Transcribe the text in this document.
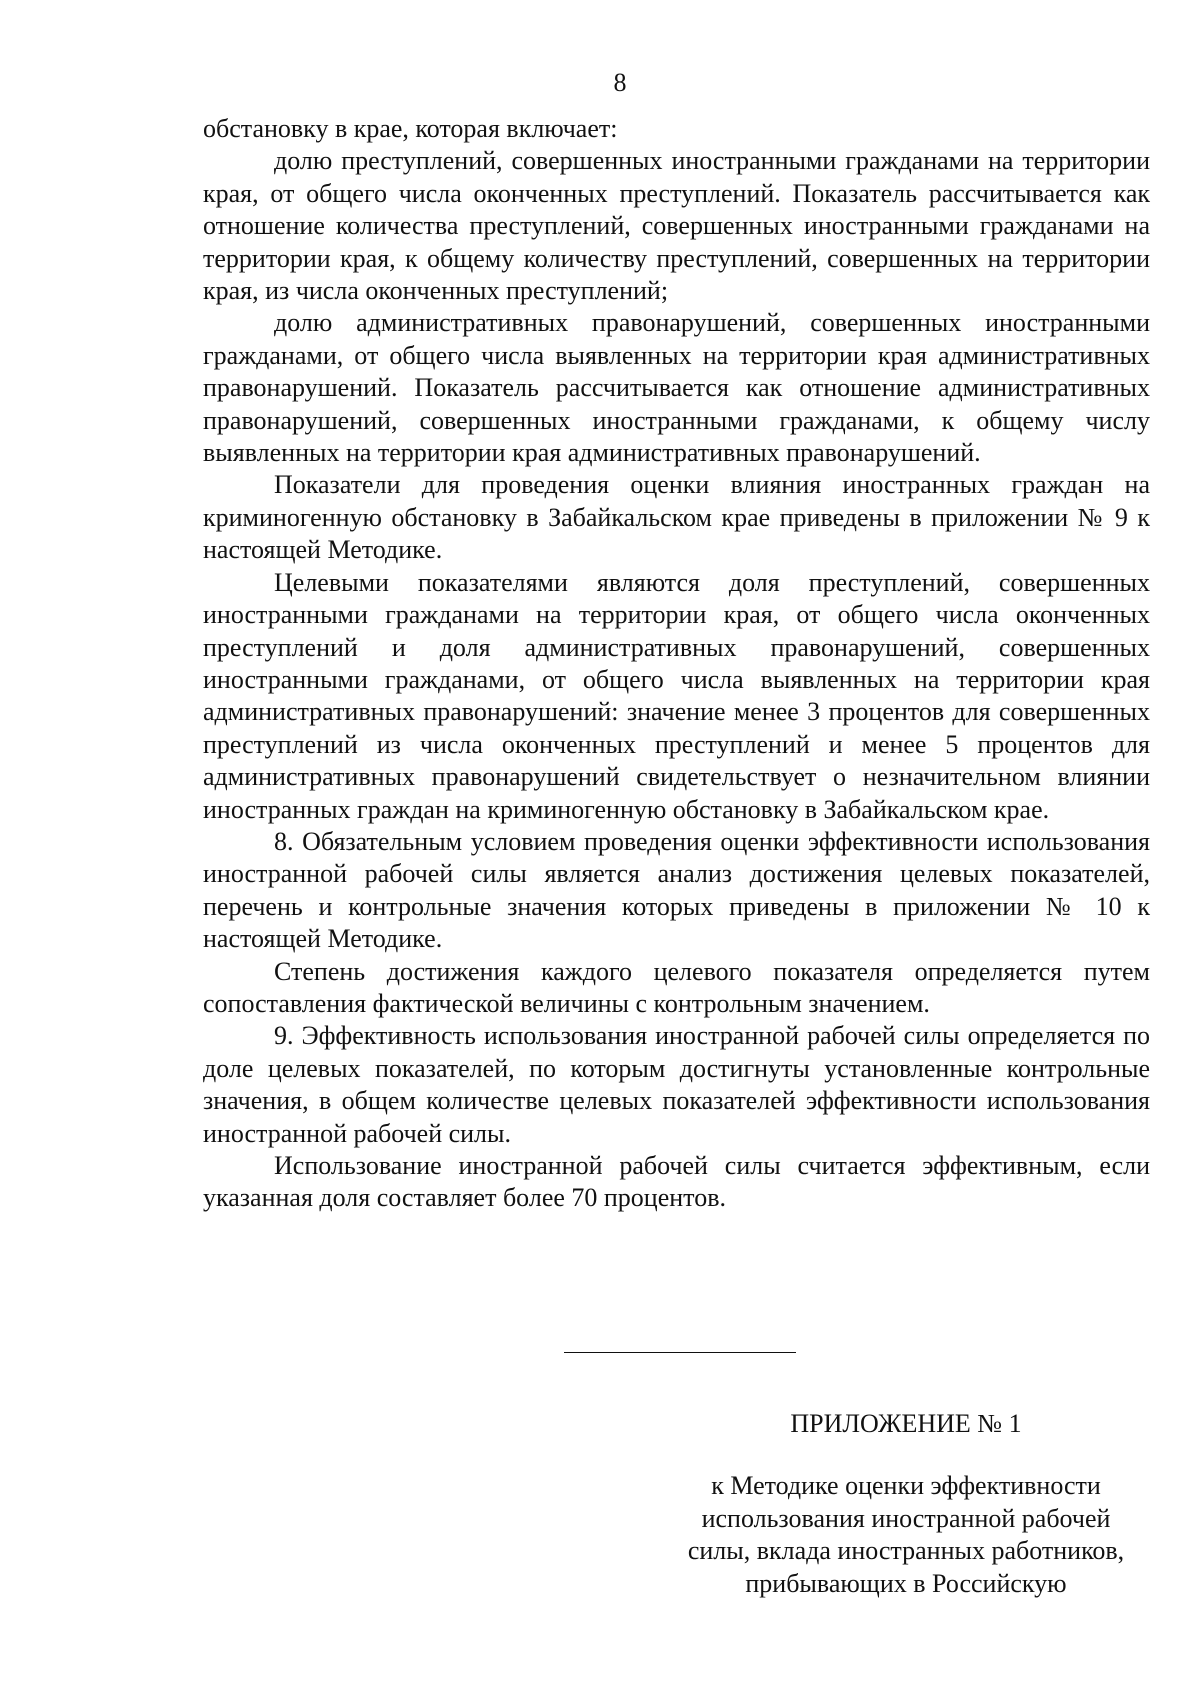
8

обстановку в крае, которая включает:

долю преступлений, совершенных иностранными гражданами на территории края, от общего числа оконченных преступлений. Показатель рассчитывается как отношение количества преступлений, совершенных иностранными гражданами на территории края, к общему количеству преступлений, совершенных на территории края, из числа оконченных преступлений;

долю административных правонарушений, совершенных иностранными гражданами, от общего числа выявленных на территории края административных правонарушений. Показатель рассчитывается как отношение административных правонарушений, совершенных иностранными гражданами, к общему числу выявленных на территории края административных правонарушений.

Показатели для проведения оценки влияния иностранных граждан на криминогенную обстановку в Забайкальском крае приведены в приложении № 9 к настоящей Методике.

Целевыми показателями являются доля преступлений, совершенных иностранными гражданами на территории края, от общего числа оконченных преступлений и доля административных правонарушений, совершенных иностранными гражданами, от общего числа выявленных на территории края административных правонарушений: значение менее 3 процентов для совершенных преступлений из числа оконченных преступлений и менее 5 процентов для административных правонарушений свидетельствует о незначительном влиянии иностранных граждан на криминогенную обстановку в Забайкальском крае.

8. Обязательным условием проведения оценки эффективности использования иностранной рабочей силы является анализ достижения целевых показателей, перечень и контрольные значения которых приведены в приложении № 10 к настоящей Методике.

Степень достижения каждого целевого показателя определяется путем сопоставления фактической величины с контрольным значением.

9. Эффективность использования иностранной рабочей силы определяется по доле целевых показателей, по которым достигнуты установленные контрольные значения, в общем количестве целевых показателей эффективности использования иностранной рабочей силы.

Использование иностранной рабочей силы считается эффективным, если указанная доля составляет более 70 процентов.

ПРИЛОЖЕНИЕ № 1
к Методике оценки эффективности
использования иностранной рабочей
силы, вклада иностранных работников,
прибывающих в Российскую
